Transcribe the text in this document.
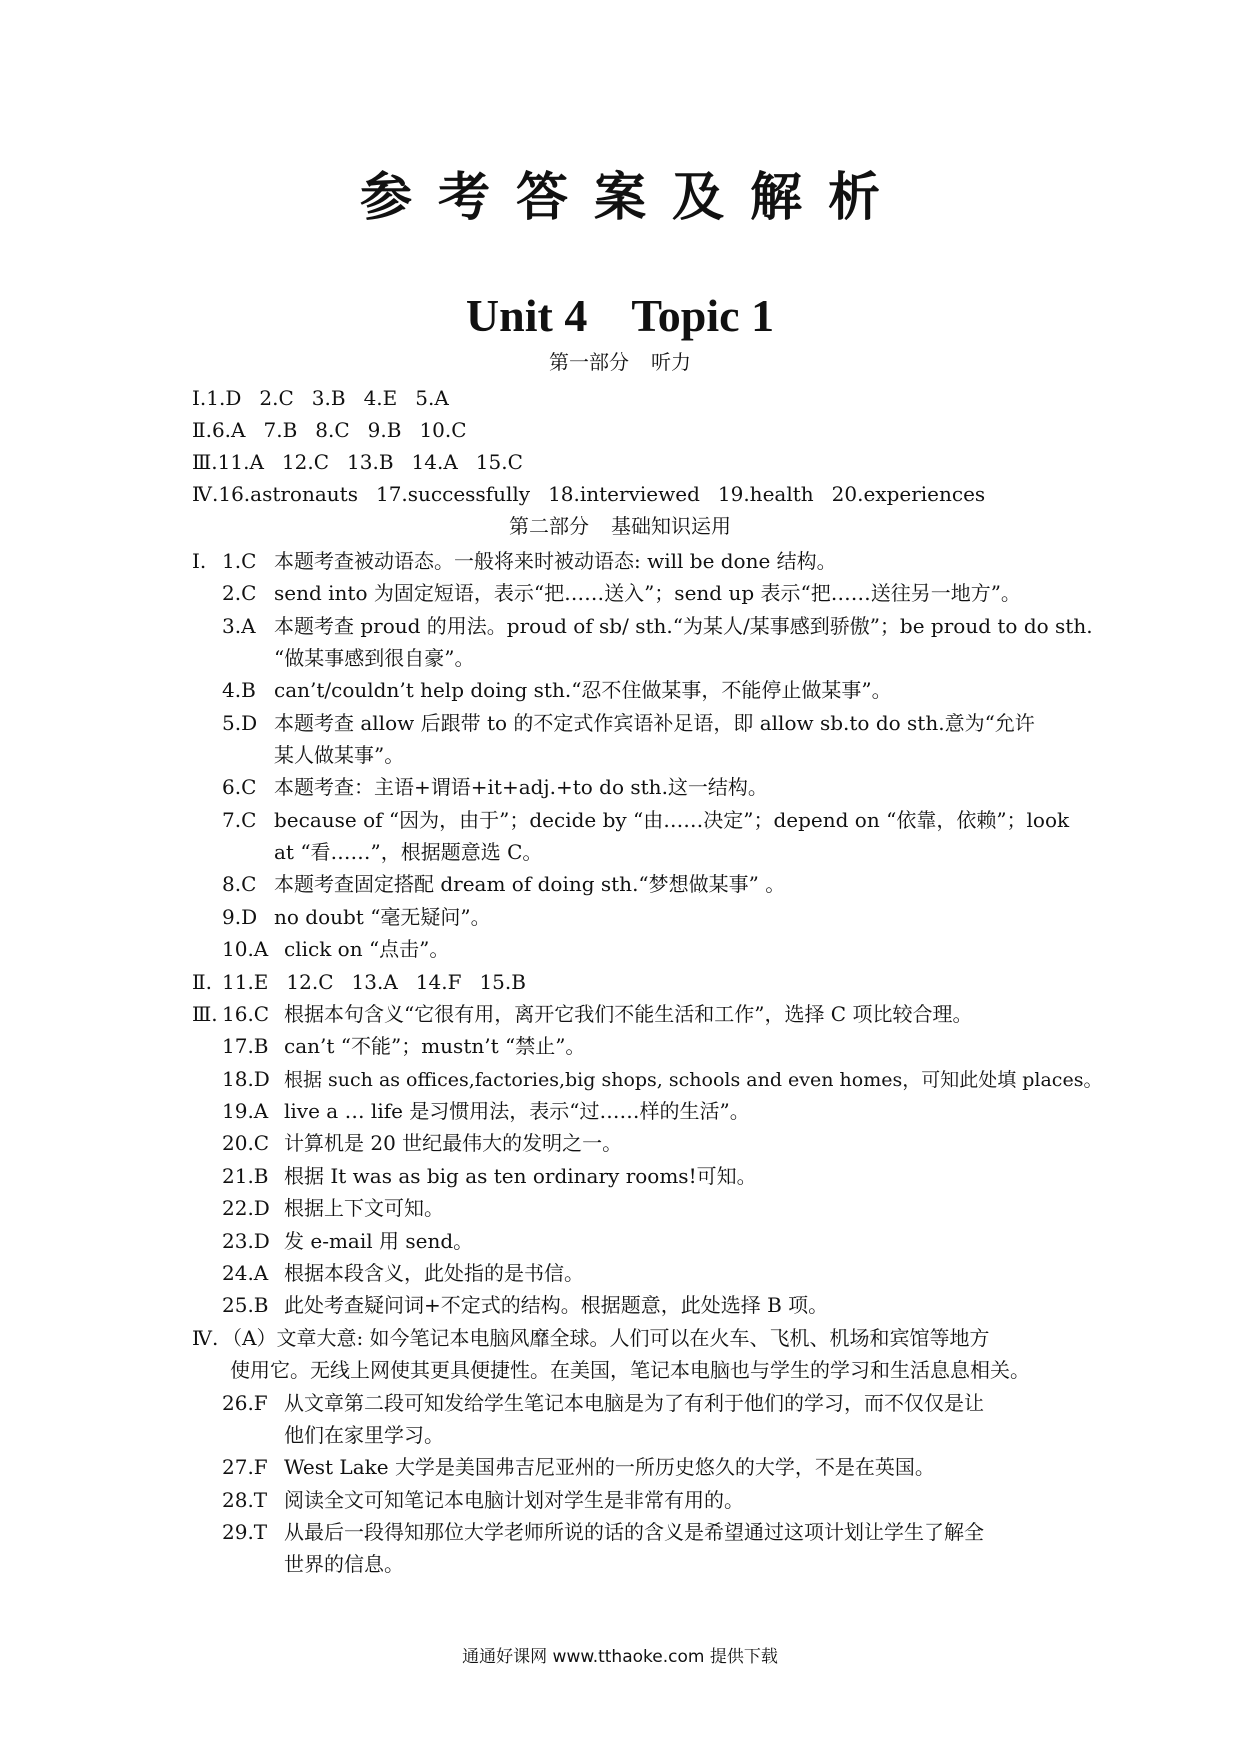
参考答案及解析
Unit 4 Topic 1
第一部分 听力
Ⅰ.1.D 2.C 3.B 4.E 5.A
Ⅱ.6.A 7.B 8.C 9.B 10.C
Ⅲ.11.A 12.C 13.B 14.A 15.C
Ⅳ.16.astronauts 17.successfully 18.interviewed 19.health 20.experiences
第二部分 基础知识运用
Ⅰ. 1.C 本题考查被动语态。一般将来时被动语态: will be done 结构。
2.C send into 为固定短语，表示“把……送入”；send up 表示“把……送往另一地方”。
3.A 本题考查 proud 的用法。proud of sb/ sth.“为某人/某事感到骄傲”；be proud to do sth.
“做某事感到很自豪”。
4.B can’t/couldn’t help doing sth.“忍不住做某事，不能停止做某事”。
5.D 本题考查 allow 后跟带 to 的不定式作宾语补足语，即 allow sb.to do sth.意为“允许
某人做某事”。
6.C 本题考查：主语+谓语+it+adj.+to do sth.这一结构。
7.C because of “因为，由于”；decide by “由……决定”；depend on “依靠，依赖”；look
at “看……”，根据题意选 C。
8.C 本题考查固定搭配 dream of doing sth.“梦想做某事” 。
9.D no doubt “毫无疑问”。
10.A click on “点击”。
Ⅱ. 11.E 12.C 13.A 14.F 15.B
Ⅲ. 16.C 根据本句含义“它很有用，离开它我们不能生活和工作”，选择 C 项比较合理。
17.B can’t “不能”；mustn’t “禁止”。
18.D 根据 such as offices,factories,big shops, schools and even homes，可知此处填 places。
19.A live a … life 是习惯用法，表示“过……样的生活”。
20.C 计算机是 20 世纪最伟大的发明之一。
21.B 根据 It was as big as ten ordinary rooms!可知。
22.D 根据上下文可知。
23.D 发 e-mail 用 send。
24.A 根据本段含义，此处指的是书信。
25.B 此处考查疑问词+不定式的结构。根据题意，此处选择 B 项。
Ⅳ. （A）文章大意: 如今笔记本电脑风靡全球。人们可以在火车、飞机、机场和宾馆等地方
使用它。无线上网使其更具便捷性。在美国，笔记本电脑也与学生的学习和生活息息相关。
26.F 从文章第二段可知发给学生笔记本电脑是为了有利于他们的学习，而不仅仅是让
他们在家里学习。
27.F West Lake 大学是美国弗吉尼亚州的一所历史悠久的大学，不是在英国。
28.T 阅读全文可知笔记本电脑计划对学生是非常有用的。
29.T 从最后一段得知那位大学老师所说的话的含义是希望通过这项计划让学生了解全
世界的信息。
通通好课网 www.tthaoke.com 提供下载
